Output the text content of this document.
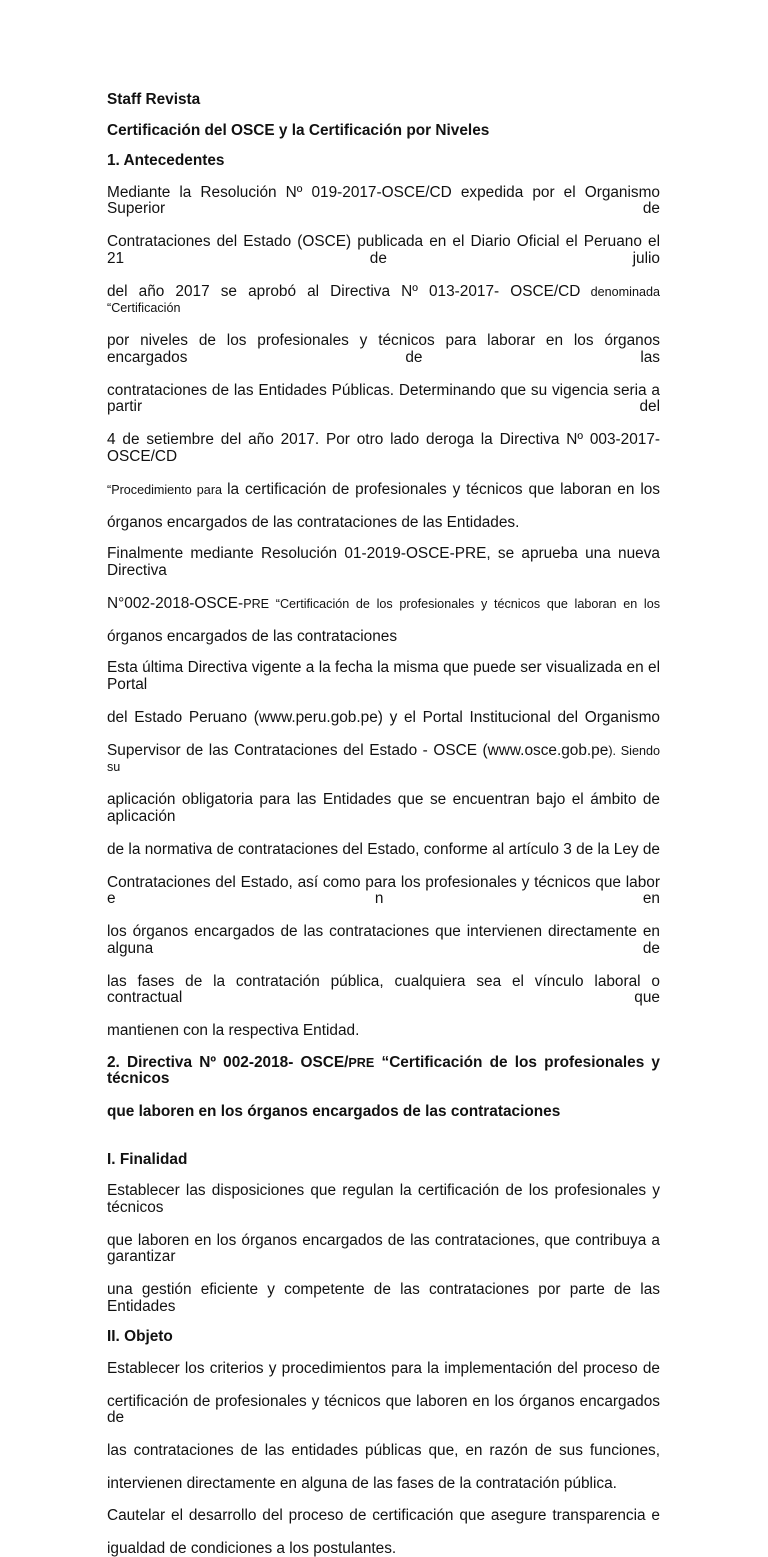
Staff Revista
Certificación del OSCE y la Certificación por Niveles
1. Antecedentes
Mediante la Resolución Nº 019-2017-OSCE/CD expedida por el Organismo Superior de
Contrataciones del Estado (OSCE) publicada en el Diario Oficial el Peruano el 21 de julio
del año 2017 se aprobó al Directiva Nº 013-2017- OSCE/CD denominada “Certificación
por niveles de los profesionales y técnicos para laborar en los órganos encargados de las
contrataciones de las Entidades Públicas. Determinando que su vigencia seria a partir del
4 de setiembre del año 2017. Por otro lado deroga la Directiva Nº 003-2017-OSCE/CD
“Procedimiento para la certificación de profesionales y técnicos que laboran en los
órganos encargados de las contrataciones de las Entidades.
Finalmente mediante Resolución 01-2019-OSCE-PRE, se aprueba una nueva Directiva
N°002-2018-OSCE-PRE “Certificación de los profesionales y técnicos que laboran en los
órganos encargados de las contrataciones
Esta última Directiva vigente a la fecha la misma que puede ser visualizada en el Portal
del Estado Peruano (www.peru.gob.pe) y el Portal Institucional del Organismo
Supervisor de las Contrataciones del Estado - OSCE (www.osce.gob.pe). Siendo su
aplicación obligatoria para las Entidades que se encuentran bajo el ámbito de aplicación
de la normativa de contrataciones del Estado, conforme al artículo 3 de la Ley de
Contrataciones del Estado, así como para los profesionales y técnicos que labor e n en
los órganos encargados de las contrataciones que intervienen directamente en alguna de
las fases de la contratación pública, cualquiera sea el vínculo laboral o contractual que
mantienen con la respectiva Entidad.
2. Directiva Nº 002-2018- OSCE/PRE “Certificación de los profesionales y técnicos
que laboren en los órganos encargados de las contrataciones
I. Finalidad
Establecer las disposiciones que regulan la certificación de los profesionales y técnicos
que laboren en los órganos encargados de las contrataciones, que contribuya a garantizar
una gestión eficiente y competente de las contrataciones por parte de las Entidades
II. Objeto
Establecer los criterios y procedimientos para la implementación del proceso de
certificación de profesionales y técnicos que laboren en los órganos encargados de
las contrataciones de las entidades públicas que, en razón de sus funciones,
intervienen directamente en alguna de las fases de la contratación pública.
Cautelar el desarrollo del proceso de certificación que asegure transparencia e
igualdad de condiciones a los postulantes.
